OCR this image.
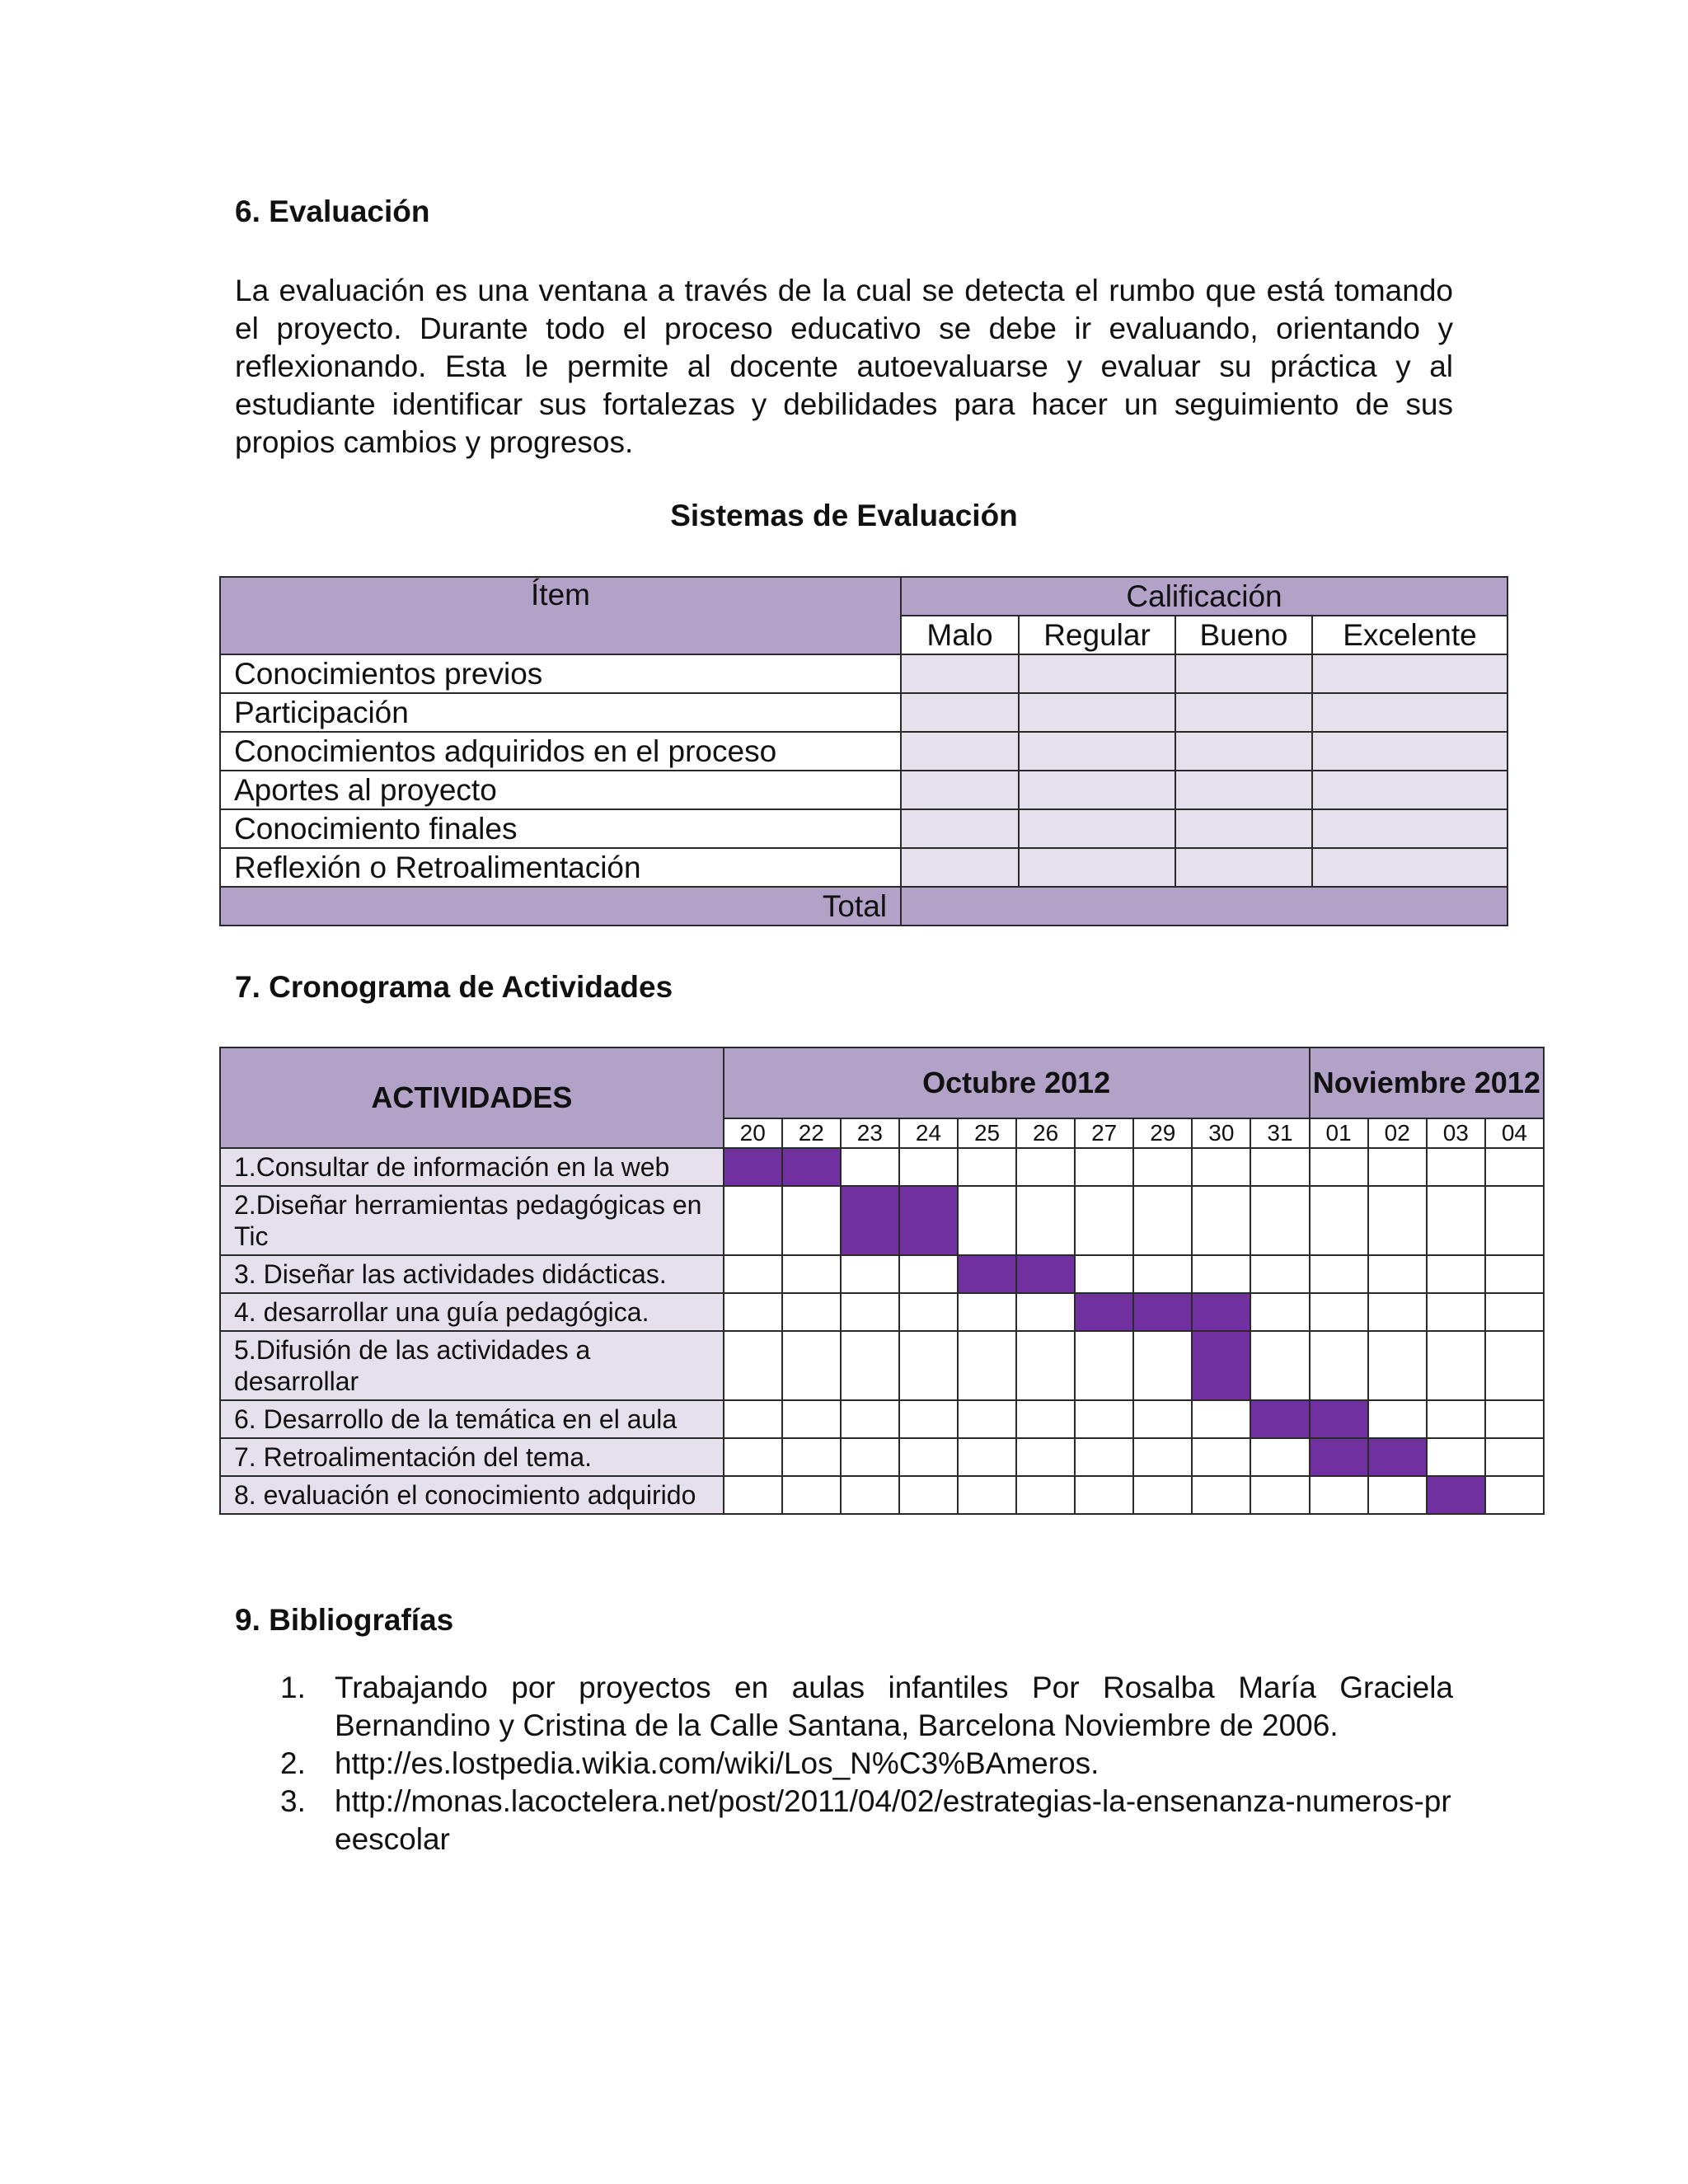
6. Evaluación

La evaluación es una ventana a través de la cual se detecta el rumbo que está tomando el proyecto. Durante todo el proceso educativo se debe ir evaluando, orientando y reflexionando. Esta le permite al docente autoevaluarse y evaluar su práctica y al estudiante identificar sus fortalezas y debilidades para hacer un seguimiento de sus propios cambios y progresos.

Sistemas de Evaluación
Ítem	Calificación			
	Malo	Regular	Bueno	Excelente
Conocimientos previos				
Participación				
Conocimientos adquiridos en el proceso				
Aportes al proyecto				
Conocimiento finales				
Reflexión o Retroalimentación				
Total				
7. Cronograma de Actividades
ACTIVIDADES	Octubre 2012										Noviembre 2012			
	20	22	23	24	25	26	27	29	30	31	01	02	03	04
1.Consultar de información en la web														
2.Diseñar herramientas pedagógicas en Tic														
3. Diseñar las actividades didácticas.														
4. desarrollar una guía pedagógica.														
5.Difusión de las actividades a desarrollar														
6. Desarrollo de la temática en el aula														
7. Retroalimentación del tema.														
8. evaluación el conocimiento adquirido														
9. Bibliografías
1. Trabajando por proyectos en aulas infantiles Por Rosalba María Graciela Bernandino y Cristina de la Calle Santana, Barcelona Noviembre de 2006.
2. http://es.lostpedia.wikia.com/wiki/Los_N%C3%BAmeros.
3. http://monas.lacoctelera.net/post/2011/04/02/estrategias-la-ensenanza-numeros-preescolar
